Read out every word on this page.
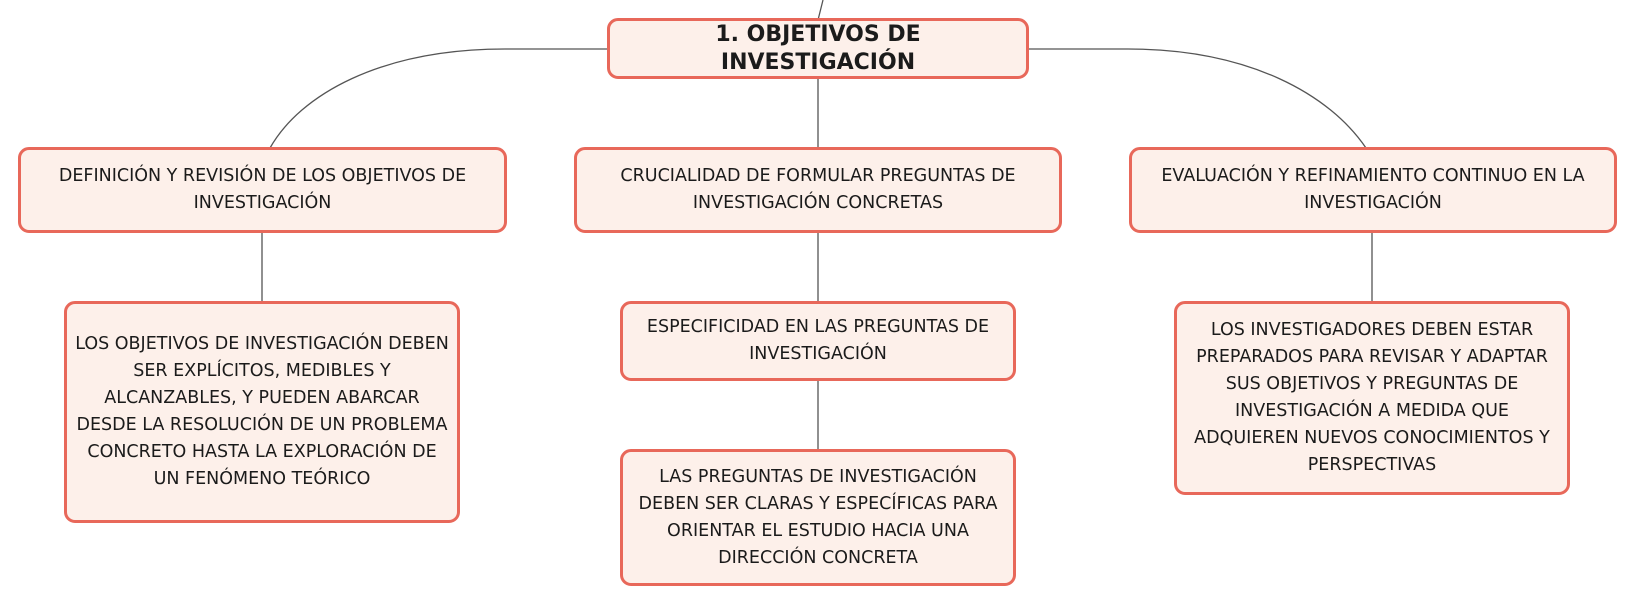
1. OBJETIVOS DE INVESTIGACIÓN
DEFINICIÓN Y REVISIÓN DE LOS OBJETIVOS DE INVESTIGACIÓN
CRUCIALIDAD DE FORMULAR PREGUNTAS DE INVESTIGACIÓN CONCRETAS
EVALUACIÓN Y REFINAMIENTO CONTINUO EN LA INVESTIGACIÓN
LOS OBJETIVOS DE INVESTIGACIÓN DEBEN SER EXPLÍCITOS, MEDIBLES Y ALCANZABLES, Y PUEDEN ABARCAR DESDE LA RESOLUCIÓN DE UN PROBLEMA CONCRETO HASTA LA EXPLORACIÓN DE UN FENÓMENO TEÓRICO
ESPECIFICIDAD EN LAS PREGUNTAS DE INVESTIGACIÓN
LAS PREGUNTAS DE INVESTIGACIÓN DEBEN SER CLARAS Y ESPECÍFICAS PARA ORIENTAR EL ESTUDIO HACIA UNA DIRECCIÓN CONCRETA
LOS INVESTIGADORES DEBEN ESTAR PREPARADOS PARA REVISAR Y ADAPTAR SUS OBJETIVOS Y PREGUNTAS DE INVESTIGACIÓN A MEDIDA QUE ADQUIEREN NUEVOS CONOCIMIENTOS Y PERSPECTIVAS
